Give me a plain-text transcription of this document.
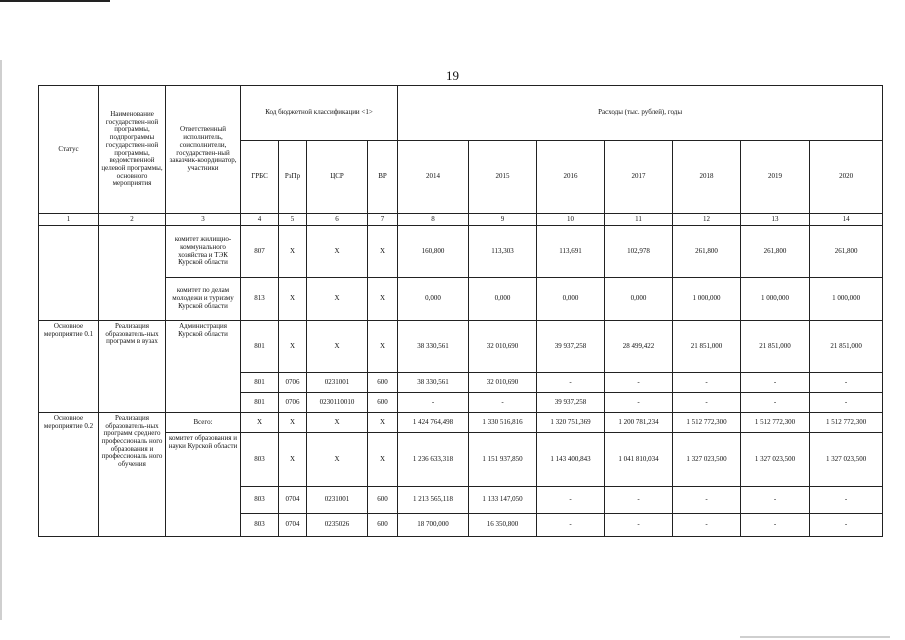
19
Статус	Наименование государствен-ной программы, подпрограммы государствен-ной программы, ведомственной целевой программы, основного мероприятия	Ответственный исполнитель, соисполнители, государствен-ный заказчик-координатор, участники	Код бюджетной классификации <1>				Расходы (тыс. рублей), годы						
			ГРБС	РзПр	ЦСР	ВР	2014	2015	2016	2017	2018	2019	2020
1	2	3	4	5	6	7	8	9	10	11	12	13	14
		комитет жилищно-коммунального хозяйства и ТЭК Курской области	807	X	X	X	160,800	113,303	113,691	102,978	261,800	261,800	261,800
		комитет по делам молодежи и туризму Курской области	813	X	X	X	0,000	0,000	0,000	0,000	1 000,000	1 000,000	1 000,000
Основное мероприятие 0.1	Реализация образователь-ных программ в вузах	Администрация Курской области	801	X	X	X	38 330,561	32 010,690	39 937,258	28 499,422	21 851,000	21 851,000	21 851,000
			801	0706	0231001	600	38 330,561	32 010,690	-	-	-	-	-
			801	0706	0230110010	600	-	-	39 937,258	-	-	-	-
Основное мероприятие 0.2	Реализация образователь-ных программ среднего профессиональ ного образования и профессиональ ного обучения	Всего:	X	X	X	X	1 424 764,498	1 330 516,816	1 320 751,369	1 200 781,234	1 512 772,300	1 512 772,300	1 512 772,300
		комитет образования и науки Курской области	803	X	X	X	1 236 633,318	1 151 937,850	1 143 400,843	1 041 810,034	1 327 023,500	1 327 023,500	1 327 023,500
			803	0704	0231001	600	1 213 565,118	1 133 147,050	-	-	-	-	-
			803	0704	0235026	600	18 700,000	16 350,800	-	-	-	-	-
